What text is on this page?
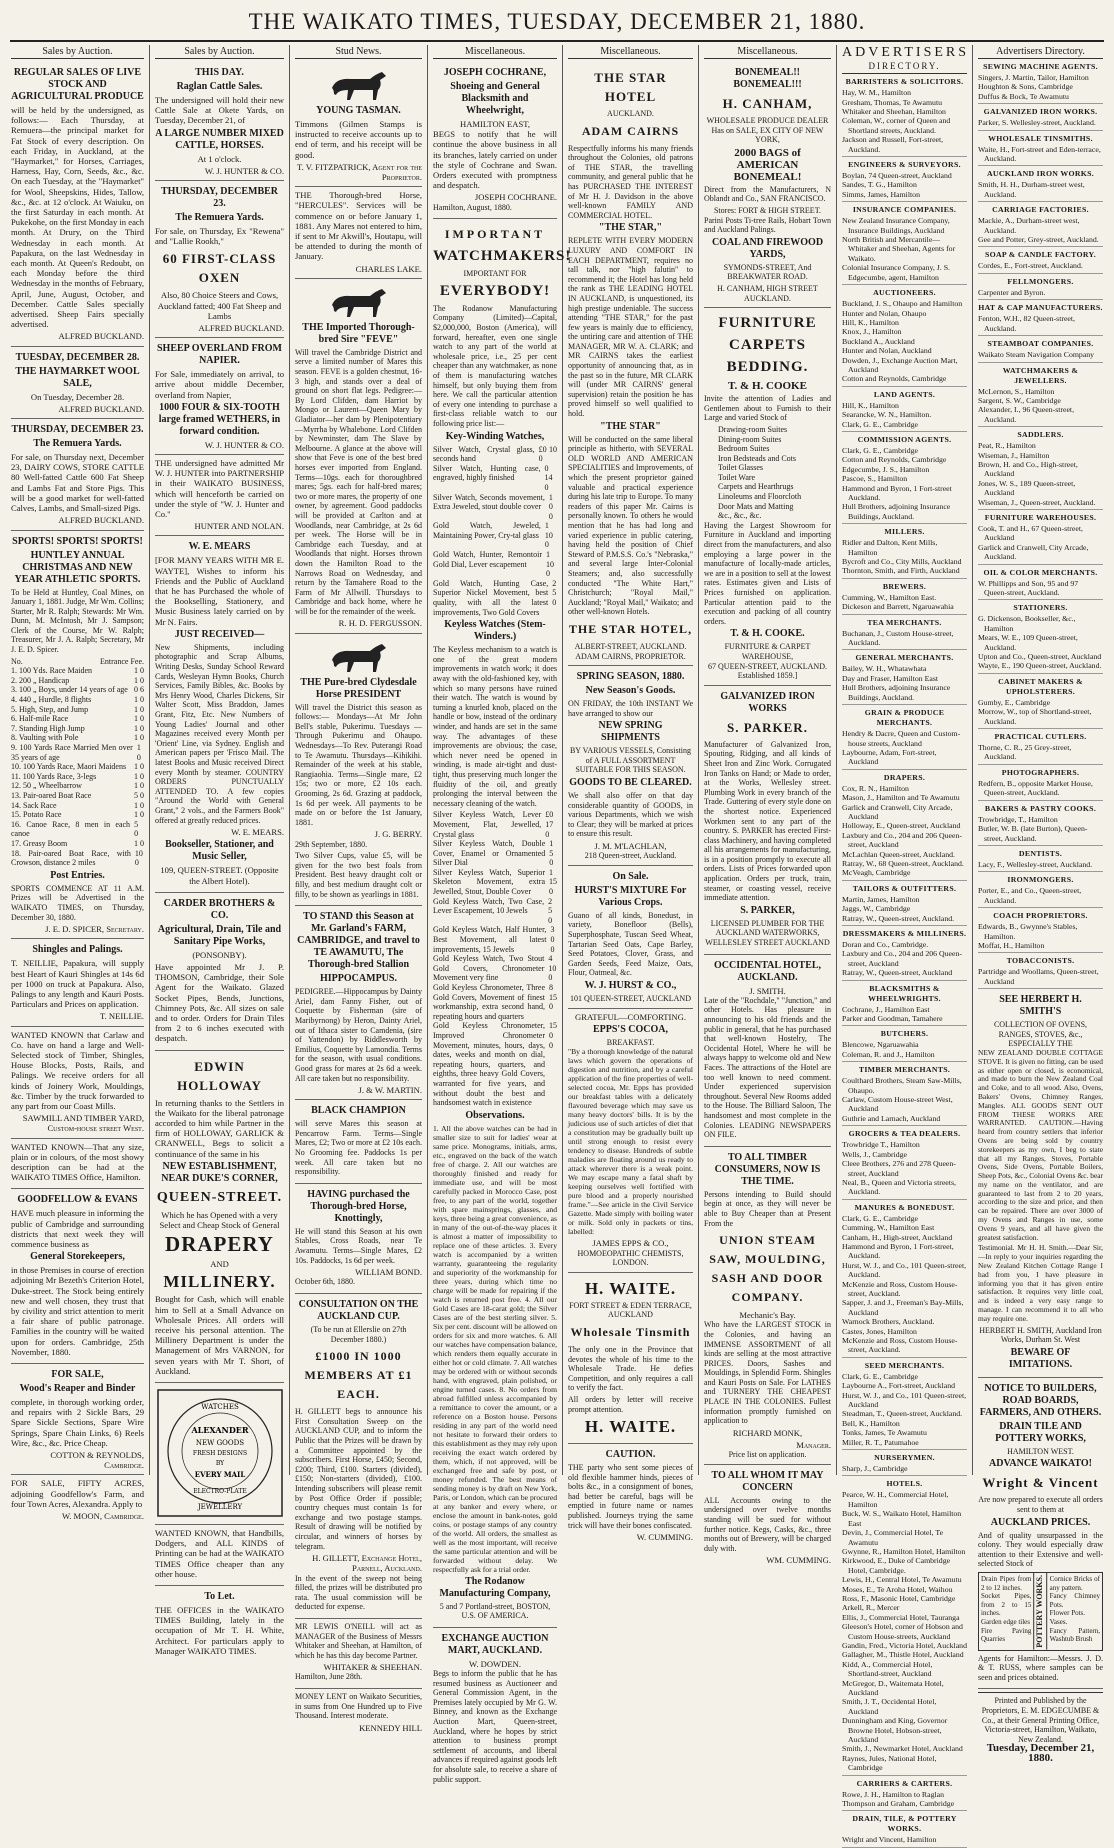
THE WAIKATO TIMES, TUESDAY, DECEMBER 21, 1880.
Sales by Auction.
REGULAR SALES OF LIVE STOCK AND AGRICULTURAL PRODUCE

will be held by the undersigned, as follows:— Each Thursday, at Remuera—the principal market for Fat Stock of every description. On each Friday, in Auckland, at the "Haymarket," for Horses, Carriages, Harness, Hay, Corn, Seeds, &c., &c. On each Tuesday, at the "Haymarket" for Wool, Sheepskins, Hides, Tallow, &c., &c. at 12 o'clock. At Waiuku, on the first Saturday in each month. At Pukekohe, on the first Monday in each month. At Drury, on the Third Wednesday in each month. At Papakura, on the last Wednesday in each month. At Queen's Redoubt, on each Monday before the third Wednesday in the months of February, April, June, August, October, and December. Cattle Sales specially advertised. Sheep Fairs specially advertised.

ALFRED BUCKLAND.
TUESDAY, DECEMBER 28.
THE HAYMARKET WOOL SALE,

On Tuesday, December 28.

ALFRED BUCKLAND.
THURSDAY, DECEMBER 23.
The Remuera Yards.

For sale, on Thursday next, December 23, DAIRY COWS, STORE CATTLE 80 Well-fatted Cattle 600 Fat Sheep and Lambs Fat and Store Pigs. This will be a good market for well-fatted Calves, Lambs, and Small-sized Pigs.

ALFRED BUCKLAND.
SPORTS! SPORTS! SPORTS!
HUNTLEY ANNUAL CHRISTMAS AND NEW YEAR ATHLETIC SPORTS.

To be Held at Huntley, Coal Mines, on January 1, 1881. Judge, Mr Wm. Collins; Starter, Mr R. Ralph; Stewards: Mr Wm. Dunn, M. McIntosh, Mr J. Sampson; Clerk of the Course, Mr W. Ralph; Treasurer, Mr J. A. Ralph; Secretary, Mr J. E. D. Spicer.

No.	Entrance Fee.
1. 100 Yds. Race Maiden	1 0
2. 200 „ Handicap	1 0
3. 100 „ Boys, under 14 years of age 0 6
4. 440 „ Hurdle, 8 flights	1 0
5. High, Step, and Jump	1 0
6. Half-mile Race	1 0
7. Standing High Jump	1 0
8. Vaulting with Pole	1 0
9. 100 Yards Race Married Men over 35 years of age
1 0
10. 100 Yards Race, Maori Maidens 1 0
11. 100 Yards Race, 3-legs	1 0
12. 50 „ Wheelbarrow	1 0
13. Pair-oared Boat Race	5 0
14. Sack Race	1 0
15. Potato Race	1 0
16. Canoe Race, 8 men in each canoe
5 0
17. Greasy Boom	1 0
18. Pair-oared Boat Race, with Crowson, distance 2 miles
10 0
Post Entries.

SPORTS COMMENCE AT 11 A.M. Prizes will be Advertised in the WAIKATO TIMES, on Thursday, December 30, 1880.

J. E. D. SPICER, Secretary.
Shingles and Palings.

T. NEILLIE, Papakura, will supply best Heart of Kauri Shingles at 14s 6d per 1000 on truck at Papakura. Also, Palings to any length and Kauri Posts. Particulars and Prices on application.

T. NEILLIE.

WANTED KNOWN that Carlaw and Co. have on hand a large and Well-Selected stock of Timber, Shingles, House Blocks, Posts, Rails, and Palings. We receive orders for all kinds of Joinery Work, Mouldings, &c. Timber by the truck forwarded to any part from our Coast Mills.

SAWMILL AND TIMBER YARD, Custom-house street West.

WANTED KNOWN—That any size, plain or in colours, of the most showy description can be had at the WAIKATO TIMES Office, Hamilton.

GOODFELLOW & EVANS

HAVE much pleasure in informing the public of Cambridge and surrounding districts that next week they will commence business as

General Storekeepers,

in those Premises in course of erection adjoining Mr Bezeth's Criterion Hotel, Duke-street. The Stock being entirely new and well chosen, they trust that by civility and strict attention to merit a fair share of public patronage. Families in the country will be waited upon for orders. Cambridge, 25th November, 1880.

FOR SALE,
Wood's Reaper and Binder

complete, in thorough working order, and repairs with 2 Sickle Bars, 29 Spare Sickle Sections, Spare Wire Springs, Spare Chain Links, 6) Reels Wire, &c., &c. Price Cheap.

COTTON & REYNOLDS, Cambridge.

FOR SALE, FIFTY ACRES, adjoining Goodfellow's Farm, and four Town Acres, Alexandra. Apply to

W. MOON, Cambridge.
Sales by Auction.
THIS DAY.
Raglan Cattle Sales.

The undersigned will hold their new Cattle Sale at Okete Yards, on Tuesday, December 21, of

A LARGE NUMBER MIXED CATTLE, HORSES.

At 1 o'clock.

W. J. HUNTER & CO.
THURSDAY, DECEMBER 23.
The Remuera Yards.

For sale, on Thursday, Ex "Rewena" and "Lallie Rookh,"

60 FIRST-CLASS OXEN

Also, 80 Choice Steers and Cows, Auckland fatted; 400 Fat Sheep and Lambs

ALFRED BUCKLAND.
SHEEP OVERLAND FROM NAPIER.

For Sale, immediately on arrival, to arrive about middle December, overland from Napier,

1000 FOUR & SIX-TOOTH large framed WETHERS, in forward condition.
W. J. HUNTER & CO.

THE undersigned have admitted Mr W. J. HUNTER into PARTNERSHIP in their WAIKATO BUSINESS, which will henceforth be carried on under the style of "W. J. Hunter and Co."

HUNTER AND NOLAN.
W. E. MEARS

[FOR MANY YEARS WITH MR E. WAYTE], Wishes to inform his Friends and the Public of Auckland that he has Purchased the whole of the Bookselling, Stationery, and Music Business lately carried on by Mr N. Fairs.

JUST RECEIVED—

New Shipments, including photographic and Scrap Albums, Writing Desks, Sunday School Reward Cards, Wesleyan Hymn Books, Church Services, Family Bibles, &c. Books by Mrs Henry Wood, Charles Dickens, Sir Walter Scott, Miss Braddon, James Grant, Fitz, Etc. New Numbers of Young Ladies' Journal and other Magazines received every Month per 'Orient' Line, via Sydney. English and American papers per 'Frisco Mail. The latest Books and Music received Direct every Month by steamer. COUNTRY ORDERS PUNCTUALLY ATTENDED TO. A few copies "Around the World with General Grant," 2 vols., and the Farmers Book" offered at greatly reduced prices.

W. E. MEARS.
Bookseller, Stationer, and Music Seller,

109, QUEEN-STREET. (Opposite the Albert Hotel).

CARDER BROTHERS & CO.
Agricultural, Drain, Tile and Sanitary Pipe Works,

(PONSONBY).

Have appointed Mr J. P. THOMSON, Cambridge, their Sole Agent for the Waikato. Glazed Socket Pipes, Bends, Junctions, Chimney Pots, &c. All sizes on sale and to order. Orders for Drain Tiles from 2 to 6 inches executed with despatch.

EDWIN HOLLOWAY

In returning thanks to the Settlers in the Waikato for the liberal patronage accorded to him while Partner in the firm of HOLLOWAY, GARLICK & CRANWELL, Begs to solicit a continuance of the same in his

NEW ESTABLISHMENT, NEAR DUKE'S CORNER,
QUEEN-STREET.

Which he has Opened with a very Select and Cheap Stock of General

DRAPERY
AND
MILLINERY.

Bought for Cash, which will enable him to Sell at a Small Advance on Wholesale Prices. All orders will receive his personal attention. The Millinery Department is under the Management of Mrs VARNON, for seven years with Mr T. Short, of Auckland.

WATCHES
JEWELLERY
ALEXANDER
NEW GOODS
FRESH DESIGNS
BY
EVERY MAIL
ELECTRO-PLATE

WANTED KNOWN, that Handbills, Dodgers, and ALL KINDS of Printing can be had at the WAIKATO TIMES Office cheaper than any other house.

To Let.

THE OFFICES in the WAIKATO TIMES Building, lately in the occupation of Mr T. H. White, Architect. For particulars apply to Manager WAIKATO TIMES.

Stud News.
YOUNG TASMAN.

Τimmons (Gilmen Stamps is instructed to receive accounts up to end of term, and his receipt will be good.

T. V. FITZPATRICK, Agent for the Proprietor.

THE Thorough-bred Horse, "HERCULES". Services will be commence on or before January 1, 1881. Any Mares not entered to him, if sent to Mr Akwill's, Houtapu, will be attended to during the month of January.

CHARLES LAKE.
THE Imported Thorough-bred Sire "FEVE"

Will travel the Cambridge District and serve a limited number of Mares this season. FEVE is a golden chestnut, 16-3 high, and stands over a deal of ground on short flat legs. Pedigree:—By Lord Clifden, dam Harriot by Mongo or Laurent—Queen Mary by Gladiator—her dam by Plenipotentiary—Myrrha by Whalebone. Lord Clifden by Newminster, dam The Slave by Melbourne. A glance at the above will show that Feve is one of the best bred horses ever imported from England. Terms—10gs. each for thoroughbred mares; 5gs. each for half-bred mares; two or more mares, the property of one owner, by agreement. Good paddocks will be provided at Carlton and at Woodlands, near Cambridge, at 2s 6d per week. The Horse will be in Cambridge each Tuesday, and at Woodlands that night. Horses thrown down the Hamilton Road to the Narrows Road on Wednesday, and return by the Tamahere Road to the Farm of Mr Allwill. Thursdays to Cambridge and back home, where he will be for the remainder of the week.

R. H. D. FERGUSSON.
THE Pure-bred Clydesdale Horse PRESIDENT

Will travel the District this season as follows:— Mondays—At Mr John Bell's stable, Pukerimu. Tuesdays — Through Pukerimu and Ohaupo. Wednesdays—To Rev. Puterangi Road to Te Awamutu. Thursdays—Kihikihi. Remainder of the week at his stable, Rangiaohia. Terms—Single mare, £2 15s; two or more, £2 10s each. Grooming, 2s 6d. Grazing at paddock, 1s 6d per week. All payments to be made on or before the 1st January, 1881.

J. G. BERRY.

29th September, 1880.

Two Silver Cups, value £5, will be given for the two best foals from President. Best heavy draught colt or filly, and best medium draught colt or filly, to be shown as yearlings in 1881.

TO STAND this Season at Mr. Garland's FARM, CAMBRIDGE, and travel to TE AWAMUTU, The Thorough-bred Stallion
HIPPOCAMPUS.

PEDIGREE.—Hippocampus by Dainty Ariel, dam Fanny Fisher, out of Coquette by Fisherman (sire of Maribyrnong) by Heron, Dainty Ariel, out of Ithaca sister to Camdenia, (sire of Yattendon) by Riddlesworth by Emilius, Coquette by Lamondia. Terms for the season, with usual conditions. Good grass for mares at 2s 6d a week. All care taken but no responsibility.

J. & W. MARTIN.
BLACK CHAMPION

will serve Mares this season at Pencarrow Farm. Terms—Single Mares, £2; Two or more at £2 10s each. No Grooming fee. Paddocks 1s per week. All care taken but no responsibility.

HAVING purchased the Thorough-bred Horse, Knottingly,

He will stand this Season at his own Stables, Cross Roads, near Te Awamutu. Terms—Single Mares, £2 10s. Paddocks, 1s 6d per week.

WILLIAM BOND.

October 6th, 1880.

CONSULTATION ON THE AUCKLAND CUP.

(To be run at Ellerslie on 27th December 1880.)

£1000 IN 1000 MEMBERS AT £1 EACH.

H. GILLETT begs to announce his First Consultation Sweep on the AUCKLAND CUP, and to inform the Public that the Prizes will be drawn by a Committee appointed by the subscribers. First Horse, £450; Second, £200; Third, £100. Starters (divided), £150; Non-starters (divided), £100. Intending subscribers will please remit by Post Office Order if possible; country cheques must contain 1s for exchange and two postage stamps. Result of drawing will be notified by circular, and winners of horses by telegram.

H. GILLETT, Exchange Hotel, Parnell, Auckland.

In the event of the sweep not being filled, the prizes will be distributed pro rata. The usual commission will be deducted for expense.

MR LEWIS O'NEILL will act as MANAGER of the Business of Messrs Whitaker and Sheehan, at Hamilton, of which he has this day become Partner.

WHITAKER & SHEEHAN.

Hamilton, June 28th.

MONEY LENT on Waikato Securities, in sums from One Hundred up to Five Thousand. Interest moderate.

KENNEDY HILL
Miscellaneous.
JOSEPH COCHRANE,
Shoeing and General Blacksmith and Wheelwright,
HAMILTON EAST,

BEGS to notify that he will continue the above business in all its branches, lately carried on under the style of Cochrane and Swan. Orders executed with promptness and despatch.

JOSEPH COCHRANE.

Hamilton, August, 1880.

IMPORTANT
WATCHMAKERS!
IMPORTANT FOR
EVERYBODY!

The Rodanow Manufacturing Company (Limited)—Capital, $2,000,000, Boston (America), will forward, hereafter, even one single watch to any part of the world at wholesale price, i.e., 25 per cent cheaper than any watchmaker, as none of them is manufacturing watches himself, but only buying them from here. We call the particular attention of every one intending to purchase a first-class reliable watch to our following price list:—

Key-Winding Watches,
Silver Watch, Crystal glass, seconds hand
£0 10 0
Silver Watch, Hunting case, engraved, highly finished
0 14 0
Silver Watch, Seconds movement, Extra Jeweled, stout double cover
1 0 0
Gold Watch, Jeweled, Maintaining Power, Cry-tal glass
1 10 0
Gold Watch, Hunter, Remontoir Gold Dial, Lever escapement
1 10 0
Gold Watch, Hunting Case, Superior Nickel Movement, best quality, with all the latest improvements, Two Gold Covers
2 5 0
Keyless Watches (Stem-Winders.)

The Keyless mechanism to a watch is one of the great modern improvements in watch work; it does away with the old-fashioned key, with which so many persons have ruined their watch. The watch is wound by turning a knurled knob, placed on the handle or bow, instead of the ordinary winder, and hands are set in the same way. The advantages of these improvements are obvious; the case, which never need be opened in winding, is made air-tight and dust-tight, thus preserving much longer the fluidity of the oil, and greatly prolonging the interval between the necessary cleaning of the watch.

Silver Keyless Watch, Lever Movement, Flat, Jewelled, Crystal glass
£0 17 0
Silver Keyless Watch, Double Cover, Enamel or Ornamented Silver Dial
1 5 0
Silver Keyless Watch, Superior Skeleton Movement, extra Jewelled, Stout, Double Cover
1 15 0
Gold Keyless Watch, Two Case, Lever Escapement, 10 Jewels
2 5 0
Gold Keyless Watch, Half Hunter, Best Movement, all latest improvements, 15 Jewels
3 0 0
Gold Keyless Watch, Two Stout Gold Covers, Chronometer Movement very fine
4 10 0
Gold Keyless Chronometer, Three Gold Covers, Movement of finest workmanship, extra second hand, repeating hours and quarters
8 15 0
Gold Keyless Chronometer, Improved Chronometer Movement, minutes, hours, days, dates, weeks and month on dial, repeating hours, quarters, and eighths, three heavy Gold Covers, warranted for five years, and without doubt the best and handsomest watch in existence
15 0 0
Observations.

1. All the above watches can be had in smaller size to suit for ladies' wear at same price. Monograms, initials, arms, etc., engraved on the back of the watch free of charge. 2. All our watches are thoroughly finished and ready for immediate use, and will be most carefully packed in Morocco Case, post free, to any part of the world, together with spare mainsprings, glasses, and keys, three being a great convenience, as in many of the out-of-the-way places it is almost a matter of impossibility to replace one of these articles. 3. Every watch is accompanied by a written warranty, guaranteeing the regularity and superiority of the workmanship for three years, during which time no charge will be made for repairing if the watch is returned post free. 4. All our Gold Cases are 18-carat gold; the Silver Cases are of the best sterling silver. 5. Six per cent. discount will be allowed on orders for six and more watches. 6. All our watches have compensation balance, which renders them equally accurate in either hot or cold climate. 7. All watches may be ordered with or without seconds hand, with engraved, plain polished, or engine turned cases. 8. No orders from abroad fulfilled unless accompanied by a remittance to cover the amount, or a reference on a Boston house. Persons residing in any part of the world need not hesitate to forward their orders to this establishment as they may rely upon receiving the exact watch ordered by them, which, if not approved, will be exchanged free and safe by post, or money refunded. The best means of sending money is by draft on New York, Paris, or London, which can be procured at any banker and every where, or enclose the amount in bank-notes, gold coins, or postage stamps of any country of the world. All orders, the smallest as well as the most important, will receive the same particular attention and will be forwarded without delay. We respectfully ask for a trial order.

The Rodanow Manufacturing Company,

5 and 7 Portland-street, BOSTON, U.S. OF AMERICA.

EXCHANGE AUCTION MART, AUCKLAND.
W. DOWDEN.

Begs to inform the public that he has resumed business as Auctioneer and General Commission Agent, in the Premises lately occupied by Mr G. W. Binney, and known as the Exchange Auction Mart, Queen-street, Auckland, where he hopes by strict attention to business prompt settlement of accounts, and liberal advances if required against goods left for absolute sale, to receive a share of public support.

Miscellaneous.
THE STAR HOTEL
AUCKLAND.
ADAM CAIRNS

Respectfully informs his many friends throughout the Colonies, old patrons of THE STAR, the travelling community, and general public that he has PURCHASED THE INTEREST of Mr H. J. Davidson in the above well-known FAMILY AND COMMERCIAL HOTEL.

"THE STAR,"

REPLETE WITH EVERY MODERN LUXURY AND COMFORT IN EACH DEPARTMENT, requires no tall talk, nor "high falutin" to recommend it; the Hotel has long held the rank as THE LEADING HOTEL IN AUCKLAND, is unquestioned, its high prestige undeniable. The success attending "THE STAR," for the past few years is mainly due to efficiency, the untiring care and attention of THE MANAGER, MR W. A. CLARK; and MR CAIRNS takes the earliest opportunity of announcing that, as in the past so in the future, MR CLARK will (under MR CAIRNS' general supervision) retain the position he has proved himself so well qualified to hold.

"THE STAR"

Will be conducted on the same liberal principle as hitherto, with SEVERAL OLD WORLD AND AMERICAN SPECIALITIES and Improvements, of which the present proprietor gained valuable and practical experience during his late trip to Europe. To many readers of this paper Mr. Cairns is personally known. To others he would mention that he has had long and varied experience in public catering, having held the position of Chief Steward of P.M.S.S. Co.'s "Nebraska," and several large Inter-Colonial Steamers; and, also successfully conducted "The White Hart," Christchurch; "Royal Mail," Auckland; "Royal Mail," Waikato; and other well-known Hotels.

THE STAR HOTEL,
ALBERT-STREET, AUCKLAND.
ADAM CAIRNS, PROPRIETOR.
SPRING SEASON, 1880.
New Season's Goods.

ON FRIDAY, the 10th INSTANT We have arranged to show our

NEW SPRING SHIPMENTS

BY VARIOUS VESSELS, Consisting of A FULL ASSORTMENT SUITABLE FOR THIS SEASON.

GOODS TO BE CLEARED.

We shall also offer on that day considerable quantity of GOODS, in various Departments, which we wish to Clear; they will be marked at prices to ensure this result.

J. M. M'LACHLAN,
218 Queen-street, Auckland.
On Sale.
HURST'S MIXTURE For Various Crops.

Guano of all kinds, Bonedust, in variety, Bonefloor (Bells), Superphosphate, Tuscan Seed Wheat, Tartarian Seed Oats, Cape Barley, Seed Potatoes, Clover, Grass, and Garden Seeds, Feed Maize, Oats, Flour, Oatmeal, &c.

W. J. HURST & CO.,
101 QUEEN-STREET, AUCKLAND
GRATEFUL—COMFORTING.
EPPS'S COCOA,
BREAKFAST.

"By a thorough knowledge of the natural laws which govern the operations of digestion and nutrition, and by a careful application of the fine properties of well-selected cocoa, Mr. Epps has provided our breakfast tables with a delicately flavoured beverage which may save us many heavy doctors' bills. It is by the judicious use of such articles of diet that a constitution may be gradually built up until strong enough to resist every tendency to disease. Hundreds of subtle maladies are floating around us ready to attack wherever there is a weak point. We may escape many a fatal shaft by keeping ourselves well fortified with pure blood and a properly nourished frame."—See article in the Civil Service Gazette. Made simply with boiling water or milk. Sold only in packets or tins, labelled:

JAMES EPPS & CO.,
HOMOEOPATHIC CHEMISTS, LONDON.
H. WAITE.
FORT STREET & EDEN TERRACE, AUCKLAND
Wholesale Tinsmith

The only one in the Province that devotes the whole of his time to the Wholesale Trade. He defies Competition, and only requires a call to verify the fact.

All orders by letter will receive prompt attention.

H. WAITE.
CAUTION.

THE party who sent some pieces of old flexible hammer hinds, pieces of bolts &c., in a consignment of bones, had better be careful, bags will be emptied in future name or names published. Journeys trying the same trick will have their bones confiscated.

W. CUMMING.
Miscellaneous.
BONEMEAL!! BONEMEAL!!!
H. CANHAM,
WHOLESALE PRODUCE DEALER

Has on SALE, EX CITY OF NEW YORK,

2000 BAGS of AMERICAN BONEMEAL!

Direct from the Manufacturers, N Oblandt and Co., SAN FRANCISCO.

Stores: FORT & HIGH STREET.

Parini Posts Ti-tree Rails, Hobart Town and Auckland Palings.

COAL AND FIREWOOD YARDS,

SYMONDS-STREET, And BREAKWATER ROAD.

H. CANHAM, HIGH STREET AUCKLAND.
FURNITURE
CARPETS
BEDDING.
T. & H. COOKE

Invite the attention of Ladies and Gentlemen about to Furnish to their Large and varied Stock of

Drawing-room Suites
Dining-room Suites
Bedroom Suites
Iron Bedsteads and Cots
Toilet Glasses
Toilet Ware
Carpets and Hearthrugs
Linoleums and Floorcloth
Door Mats and Matting
&c., &c., &c.

Having the Largest Showroom for Furniture in Auckland and importing direct from the manufacturers, and also employing a large power in the manufacture of locally-made articles, we are in a position to sell at the lowest rates. Estimates given and Lists of Prices furnished on application. Particular attention paid to the execution and packing of all country orders.

T. & H. COOKE.
FURNITURE & CARPET WAREHOUSE,
67 QUEEN-STREET, AUCKLAND.
Established 1859.]
GALVANIZED IRON WORKS
S. PARKER.

Manufacturer of Galvanized Iron, Spouting, Ridging, and all kinds of Sheet Iron and Zinc Work. Corrugated Iron Tanks on Hand; or Made to order, at the Works, Wellesley street. Plumbing Work in every branch of the Trade. Guttering of every style done on the shortest notice. Experienced Workmen sent to any part of the country. S. PARKER has erected First-class Machinery, and having completed all his arrangements for manufacturing, is in a position promptly to execute all orders. Lists of Prices forwarded upon application. Orders per truck, train, steamer, or coasting vessel, receive immediate attention.

S. PARKER,

LICENSED PLUMBER FOR THE AUCKLAND WATERWORKS, WELLESLEY STREET AUCKLAND

OCCIDENTAL HOTEL, AUCKLAND.
J. SMITH.

Late of the "Rochdale," "Junction," and other Hotels. Has pleasure in announcing to his old friends and the public in general, that he has purchased that well-known Hostelry, The Occidental Hotel, Where he will be always happy to welcome old and New Faces. The attractions of the Hotel are too well known to need comment. Under experienced supervision throughout. Several New Rooms added to the House. The Billiard Saloon, The handsomest and most complete in the Colonies. LEADING NEWSPAPERS ON FILE.

TO ALL TIMBER CONSUMERS, NOW IS THE TIME.

Persons intending to Build should begin at once, as they will never be able to Buy Cheaper than at Present From the

UNION STEAM SAW, MOULDING, SASH AND DOOR COMPANY.
Mechanic's Bay.

Who have the LARGEST STOCK in the Colonies, and having an IMMENSE ASSORTMENT of all kinds are selling at the most attractive PRICES. Doors, Sashes and Mouldings, in Splendid Form. Shingles and Kauri Posts on Sale. For LATHES and TURNERY THE CHEAPEST PLACE IN THE COLONIES. Fullest information promptly furnished on application to

RICHARD MONK,
Manager.
Price list on application.
TO ALL WHOM IT MAY CONCERN

ALL Accounts owing to the undersigned over twelve months standing will be sued for without further notice. Kegs, Casks, &c., three months out of Brewery, will be charged duly with.

WM. CUMMING.
ADVERTISERS
DIRECTORY.
BARRISTERS & SOLICITORS.
Hay, W. M., Hamilton
Gresham, Thomas, Te Awamutu
Whitaker and Sheehan, Hamilton
Coleman, W., corner of Queen and Shortland streets, Auckland.
Jackson and Russell, Fort-street, Auckland.
ENGINEERS & SURVEYORS.
Boylan, 74 Queen-street, Auckland
Sandes, T. G., Hamilton
Simms, James, Hamilton
INSURANCE COMPANIES.
New Zealand Insurance Company, Insurance Buildings, Auckland
North British and Mercantile—Whitaker and Sheehan, Agents for Waikato.
Colonial Insurance Company, J. S. Edgecumbe, agent, Hamilton
AUCTIONEERS.
Buckland, J. S., Ohaupo and Hamilton
Hunter and Nolan, Ohaupo
Hill, K., Hamilton
Knox, J., Hamilton
Buckland A., Auckland
Hunter and Nolan, Auckland
Dowden, J., Exchange Auction Mart, Auckland
Cotton and Reynolds, Cambridge
LAND AGENTS.
Hill, K., Hamilton
Searancke, W. N., Hamilton.
Clark, G. E., Cambridge
COMMISSION AGENTS.
Clark, G. E., Cambridge
Cotton and Reynolds, Cambridge
Edgecumbe, J. S., Hamilton
Pascoe, S., Hamilton
Hammond and Byron, 1 Fort-street Auckland.
Hull Brothers, adjoining Insurance Buildings, Auckland.
MILLERS.
Ridler and Dalton, Kent Mills, Hamilton
Bycroft and Co., City Mills, Auckland
Thornton, Smith, and Firth, Auckland
BREWERS.
Cumming, W., Hamilton East.
Dickeson and Barrett, Ngaruawahia
TEA MERCHANTS.
Buchanan, J., Custom House-street, Auckland.
GENERAL MERCHANTS.
Bailey, W. H., Whatawhata
Day and Fraser, Hamilton East
Hull Brothers, adjoining Insurance Buildings, Auckland.
GRAIN & PRODUCE MERCHANTS.
Hendry & Dacre, Queen and Custom-house streets, Auckland
Laybourne, Adam, Fort-street, Auckland
DRAPERS.
Cox, R. N., Hamilton
Mason, J., Hamilton and Te Awamutu
Garlick and Cranwell, City Arcade, Auckland
Holloway, E., Queen-street, Auckland
Laxbury and Co., 204 and 206 Queen-street, Auckland
McLachlan Queen-street, Auckland.
Ratray, W., 68 Queen-street, Auckland.
McVeagh, Cambridge
TAILORS & OUTFITTERS.
Martin, James, Hamilton
Jaggs, W., Cambridge
Ratray, W., Queen-street, Auckland.
DRESSMAKERS & MILLINERS.
Doran and Co., Cambridge.
Laxbury and Co., 204 and 206 Queen-street, Auckland
Ratray, W., Queen-street, Auckland
BLACKSMITHS & WHEELWRIGHTS.
Cochrane, J., Hamilton East
Parker and Goodman, Tamahere
BUTCHERS.
Blencowe, Ngaruawahia
Coleman, R. and J., Hamilton
TIMBER MERCHANTS.
Coulthard Brothers, Steam Saw-Mills, Ohaupo.
Carlaw, Custom House-street West, Auckland
Guthrie and Larnach, Auckland
GROCERS & TEA DEALERS.
Trowbridge T., Hamilton
Wells, J., Cambridge
Cleee Brothers, 276 and 278 Queen-street, Auckland
Neal, B., Queen and Victoria streets, Auckland.
MANURES & BONEDUST.
Clark, G. E., Cambridge
Cumming, W., Hamilton East
Canham, H., High-street, Auckland
Hammond and Byron, 1 Fort-street, Auckland.
Hurst, W. J., and Co., 101 Queen-street, Auckland.
McKenzie and Ross, Custom House-street, Auckland.
Sapper, J. and J., Freeman's Bay-Mills, Auckland
Warnock Brothers, Auckland.
Castes, Jones, Hamilton
McKenzie and Ross, Custom House-street, Auckland.
SEED MERCHANTS.
Clark, G. E., Cambridge
Laybourne A., Fort-street, Auckland
Hurst, W. J., and Co., 101 Queen-street, Auckland
Steadman, T., Queen-street, Auckland.
Bell, K., Hamilton
Tonks, James, Te Awamutu
Miller, R. T., Patumahoe
NURSERYMEN.
Sharp, J., Cambridge
HOTELS.
Pearce, W. H., Commercial Hotel, Hamilton
Buck, W. S., Waikato Hotel, Hamilton East
Devin, J., Commercial Hotel, Te Awamutu
Gwynne, R., Hamilton Hotel, Hamilton
Kirkwood, E., Duke of Cambridge Hotel, Cambridge.
Lewis, H., Central Hotel, Te Awamutu
Moses, E., Te Aroha Hotel, Waihou
Ross, F., Masonic Hotel, Cambridge
Arkell, R., Mercer
Ellis, J., Commercial Hotel, Tauranga
Gleeson's Hotel, corner of Hobson and Custom House-streets, Auckland
Gandin, Fred., Victoria Hotel, Auckland
Gallagher, M., Thistle Hotel, Auckland
Kidd, A., Commercial Hotel, Shortland-street, Auckland
McGregor, D., Waitemata Hotel, Auckland
Smith, J. T., Occidental Hotel, Auckland
Dunningham and King, Governor Browne Hotel, Hobson-street, Auckland
Smith, J., Newmarket Hotel, Auckland
Raynes, Jules, National Hotel, Cambridge
CARRIERS & CARTERS.
Rowe, J. H., Hamilton to Raglan
Thompson and Graham, Cambridge
DRAIN, TILE, & POTTERY WORKS.
Wright and Vincent, Hamilton
Advertisers Directory.
SEWING MACHINE AGENTS.
Singers, J. Martin, Tailor, Hamilton
Houghton & Sons, Cambridge
Duffus & Bock, Te Awamutu
GALVANIZED IRON WORKS.
Parker, S. Wellesley-street, Auckland.
WHOLESALE TINSMITHS.
Waite, H., Fort-street and Eden-terrace, Auckland.
AUCKLAND IRON WORKS.
Smith, H. H., Durham-street west, Auckland.
CARRIAGE FACTORIES.
Mackie, A., Durham-street west, Auckland.
Gee and Potter, Grey-street, Auckland.
SOAP & CANDLE FACTORY.
Cordes, E., Fort-street, Auckland.
FELLMONGERS.
Carpenter and Byron.
HAT & CAP MANUFACTURERS.
Fenton, W.H., 82 Queen-street, Auckland.
STEAMBOAT COMPANIES.
Waikato Steam Navigation Company
WATCHMAKERS & JEWELLERS.
McLernon, S., Hamilton
Sargent, S. W., Cambridge
Alexander, I., 96 Queen-street, Auckland.
SADDLERS.
Peat, R., Hamilton
Wiseman, J., Hamilton
Brown, H. and Co., High-street, Auckland
Jones, W. S., 189 Queen-street, Auckland
Wiseman, J., Queen-street, Auckland.
FURNITURE WAREHOUSES.
Cook, T. and H., 67 Queen-street, Auckland
Garlick and Cranwell, City Arcade, Auckland.
OIL & COLOR MERCHANTS.
W. Phillipps and Son, 95 and 97 Queen-street, Auckland.
STATIONERS.
G. Dickenson, Bookseller, &c., Hamilton
Mears, W. E., 109 Queen-street, Auckland.
Upton and Co., Queen-street, Auckland
Wayte, E., 190 Queen-street, Auckland.
CABINET MAKERS & UPHOLSTERERS.
Gumby, E., Cambridge
Morrow, W., top of Shortland-street, Auckland.
PRACTICAL CUTLERS.
Thorne, C. R., 25 Grey-street, Auckland.
PHOTOGRAPHERS.
Redfern, B., opposite Market House, Queen-street, Auckland.
BAKERS & PASTRY COOKS.
Trowbridge, T., Hamilton
Butler, W. B. (late Burton), Queen-street, Auckland.
DENTISTS.
Lacy, F., Wellesley-street, Auckland.
IRONMONGERS.
Porter, E., and Co., Queen-street, Auckland.
COACH PROPRIETORS.
Edwards, B., Gwynne's Stables, Hamilton.
Moffat, H., Hamilton
TOBACCONISTS.
Partridge and Woollams, Queen-street, Auckland
SEE HERBERT H. SMITH'S
COLLECTION OF OVENS, RANGES, STOVES, &c., ESPECIALLY THE

NEW ZEALAND DOUBLE COTTAGE STOVE. It is given no fitting, can be used as either open or closed, is economical, and made to burn the New Zealand Coal and Coke, and to all wood. Also, Ovens, Bakers' Ovens, Chimney Ranges, Mangles. ALL GOODS SENT OUT FROM THESE WORKS ARE WARRANTED. CAUTION.—Having heard from country settlers that inferior Ovens are being sold by country storekeepers as my own, I beg to state that all my Ranges, Stoves, Portable Ovens, Side Ovens, Portable Boilers, Sheep Pots, &c., Colonial Ovens &c. bear my name on the ventilator, and are guaranteed to last from 2 to 20 years, according to the size and price, and then can be repaired. There are over 3000 of my Ovens and Ranges in use, some Ovens 9 years, and all have given the greatest satisfaction.

Testimonial. Mr H. H. Smith.—Dear Sir,—In reply to your inquiries regarding the New Zealand Kitchen Cottage Range I had from you, I have pleasure in informing you that it has given entire satisfaction. It requires very little coal, and is indeed a very easy range to manage. I can recommend it to all who may require one.

HERBERT H. SMITH, Auckland Iron Works, Durham St. West
BEWARE OF IMITATIONS.
NOTICE TO BUILDERS, ROAD BOARDS, FARMERS, AND OTHERS.
DRAIN TILE AND POTTERY WORKS,
HAMILTON WEST.
ADVANCE WAIKATO!
Wright & Vincent

Are now prepared to execute all orders sent to them at

AUCKLAND PRICES.

And of quality unsurpassed in the colony. They would especially draw attention to their Extensive and well-selected Stock of

Drain Pipes from 2 to 12 inches.
Socket Pipes, from 2 to 15 inches.
Garden edge tiles
Fire Paving Quarries	POTTERY WORKS. Cornice Bricks of any pattern.
Fancy Chimney Pots.
Flower Pots.
Vases.
Fancy Pattern, Washtub Brush

Agents for Hamilton:—Messrs. J. D. & T. RUSS, where samples can be seen and prices obtained.

Printed and Published by the Proprietors, E. M. EDGECUMBE & Co., at their General Printing Office, Victoria-street, Hamilton, Waikato, New Zealand.
Tuesday, December 21, 1880.
